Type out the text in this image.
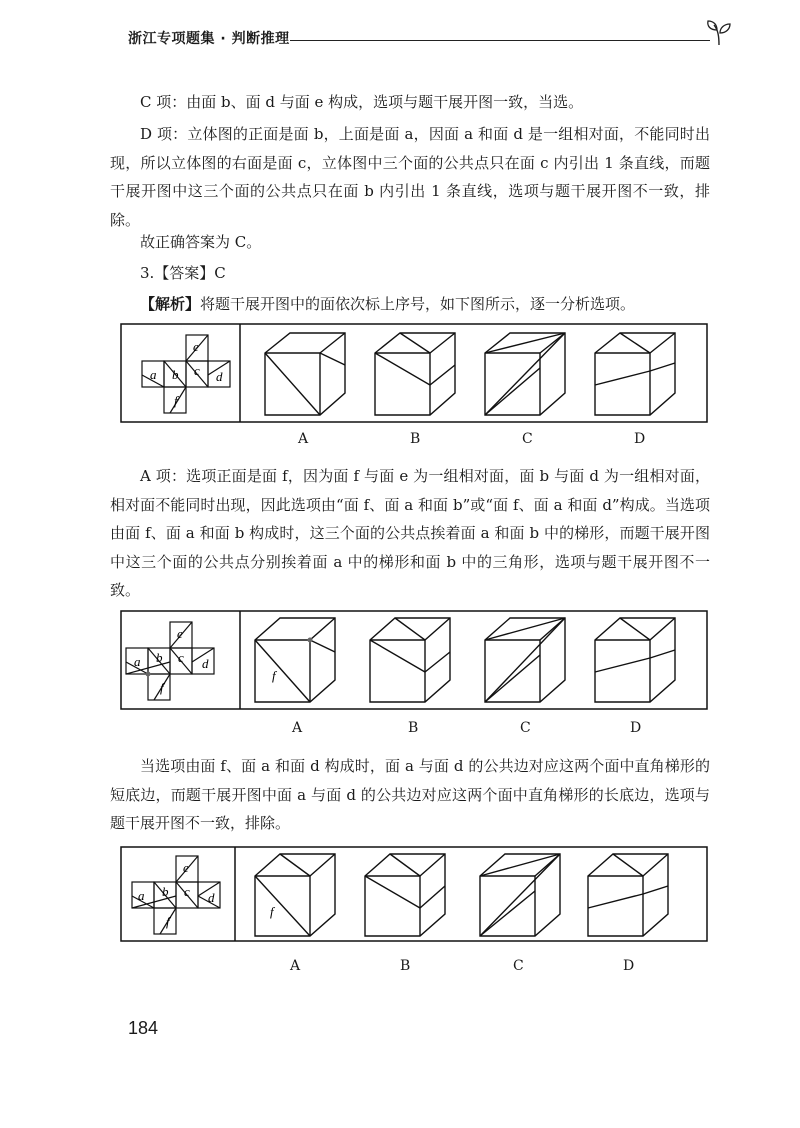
浙江专项题集 · 判断推理
C 项：由面 b、面 d 与面 e 构成，选项与题干展开图一致，当选。
D 项：立体图的正面是面 b，上面是面 a，因面 a 和面 d 是一组相对面，不能同时出现，所以立体图的右面是面 c，立体图中三个面的公共点只在面 c 内引出 1 条直线，而题干展开图中这三个面的公共点只在面 b 内引出 1 条直线，选项与题干展开图不一致，排除。
故正确答案为 C。
3.【答案】C
【解析】将题干展开图中的面依次标上序号，如下图所示，逐一分析选项。
a b c d
e
f
A	B	C	D
A 项：选项正面是面 f，因为面 f 与面 e 为一组相对面，面 b 与面 d 为一组相对面，相对面不能同时出现，因此选项由“面 f、面 a 和面 b”或“面 f、面 a 和面 d”构成。当选项由面 f、面 a 和面 b 构成时，这三个面的公共点挨着面 a 和面 b 中的梯形，而题干展开图中这三个面的公共点分别挨着面 a 中的梯形和面 b 中的三角形，选项与题干展开图不一致。
a b c d
e
f
f
A	B	C	D
当选项由面 f、面 a 和面 d 构成时，面 a 与面 d 的公共边对应这两个面中直角梯形的短底边，而题干展开图中面 a 与面 d 的公共边对应这两个面中直角梯形的长底边，选项与题干展开图不一致，排除。
a b c d
e
f
f
A	B	C	D
184
